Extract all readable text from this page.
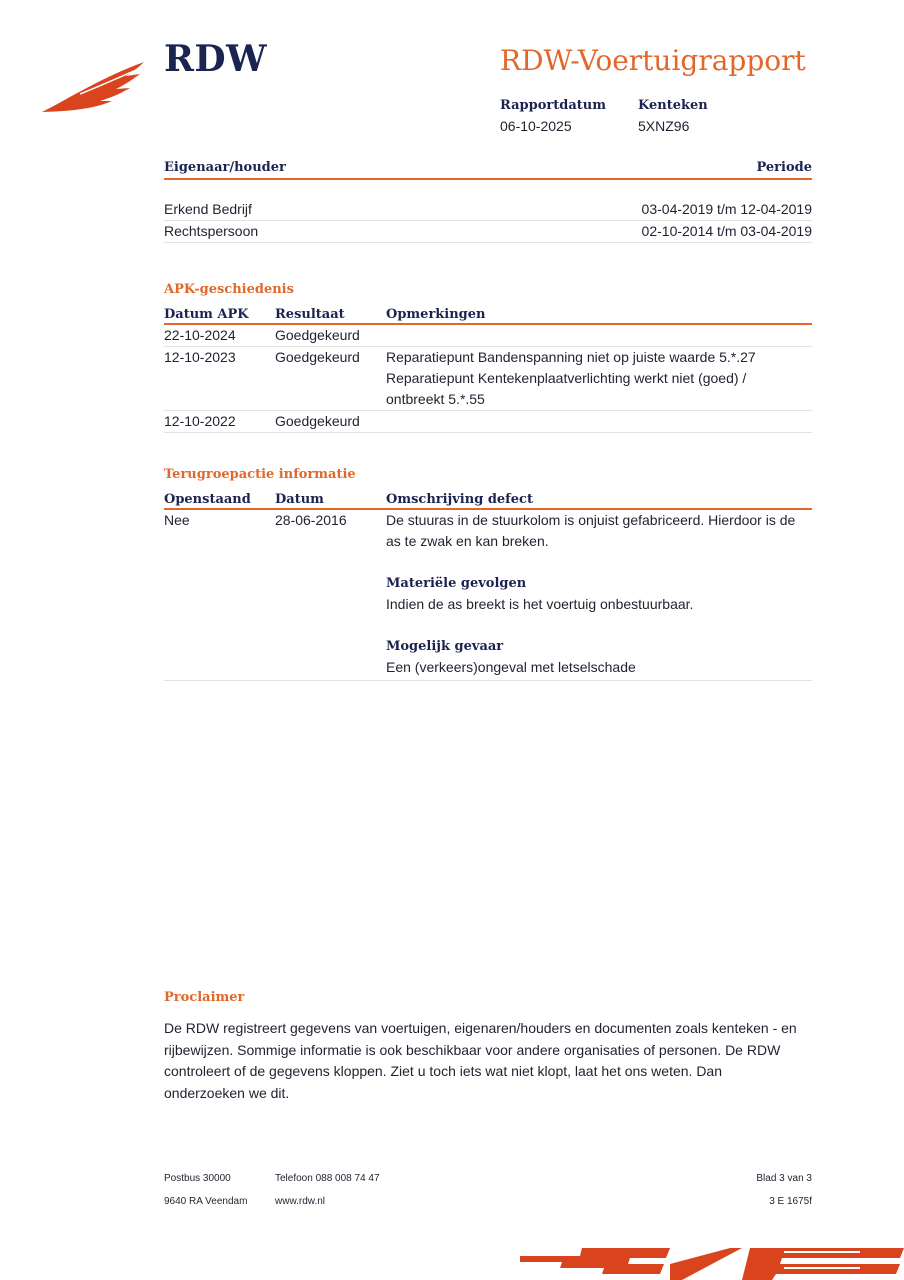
RDW	RDW-Voertuigrapport
Rapportdatum
06-10-2025
Kenteken
5XNZ96
Eigenaar/houder	Periode
Erkend Bedrijf	03-04-2019 t/m 12-04-2019
Rechtspersoon	02-10-2014 t/m 03-04-2019
APK-geschiedenis
Datum APK	Resultaat	Opmerkingen
22-10-2024	Goedgekeurd
12-10-2023	Goedgekeurd	Reparatiepunt Bandenspanning niet op juiste waarde 5.*.27
Reparatiepunt Kentekenplaatverlichting werkt niet (goed) /
ontbreekt 5.*.55
12-10-2022	Goedgekeurd
Terugroepactie informatie
Openstaand	Datum	Omschrijving defect
Nee	28-06-2016	De stuuras in de stuurkolom is onjuist gefabriceerd. Hierdoor is de
as te zwak en kan breken.
Materiële gevolgen
Indien de as breekt is het voertuig onbestuurbaar.
Mogelijk gevaar
Een (verkeers)ongeval met letselschade
Proclaimer
De RDW registreert gegevens van voertuigen, eigenaren/houders en documenten zoals kenteken - en rijbewijzen. Sommige informatie is ook beschikbaar voor andere organisaties of personen. De RDW controleert of de gegevens kloppen. Ziet u toch iets wat niet klopt, laat het ons weten. Dan onderzoeken we dit.
Postbus 30000
9640 RA Veendam
Telefoon 088 008 74 47
www.rdw.nl
Blad 3 van 3
3 E 1675f
